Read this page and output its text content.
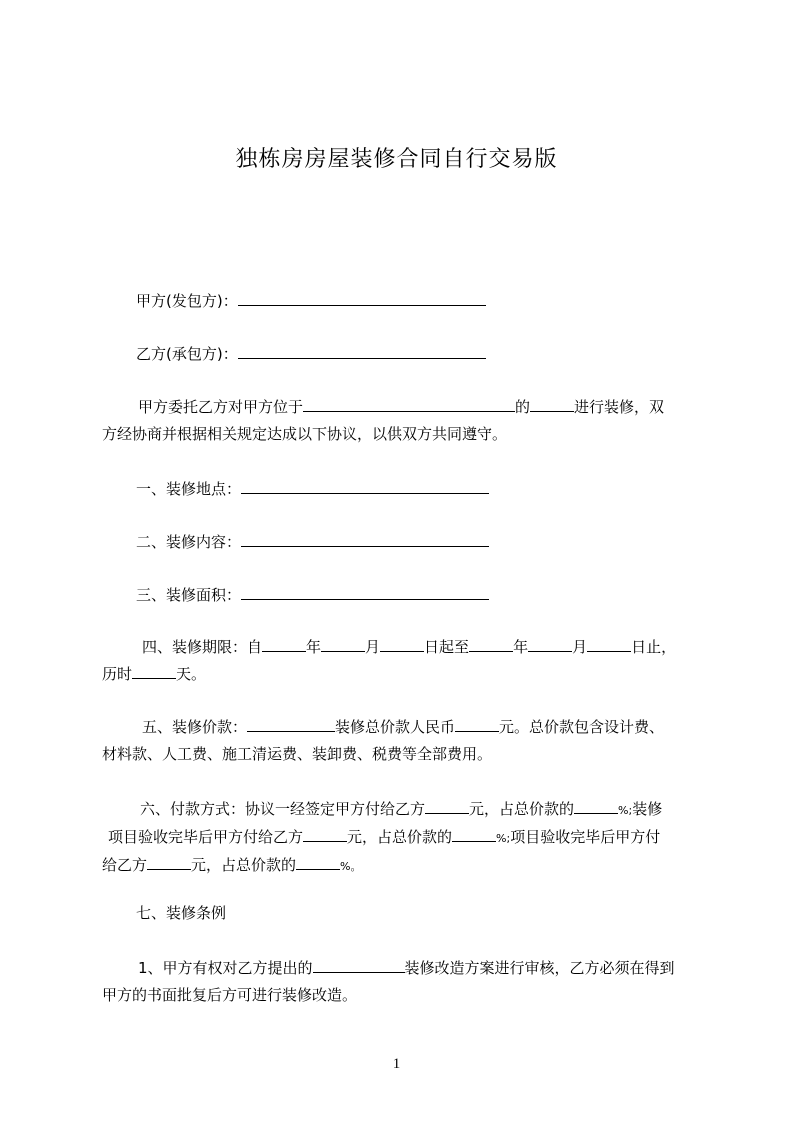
独栋房房屋装修合同自行交易版
甲方(发包方)：
乙方(承包方)：
甲方委托乙方对甲方位于	的	进行装修，双
方经协商并根据相关规定达成以下协议，以供双方共同遵守。
一、装修地点：
二、装修内容：
三、装修面积：
四、装修期限：自	年	月	日起至	年	月	日止，
历时	天。
五、装修价款：	装修总价款人民币	元。总价款包含设计费、
材料款、人工费、施工清运费、装卸费、税费等全部费用。
六、付款方式：协议一经签定甲方付给乙方	元，占总价款的	%;装修
项目验收完毕后甲方付给乙方	元，占总价款的	%;项目验收完毕后甲方付
给乙方	元，占总价款的	%。
七、装修条例
1、甲方有权对乙方提出的	装修改造方案进行审核，乙方必须在得到
甲方的书面批复后方可进行装修改造。
1
